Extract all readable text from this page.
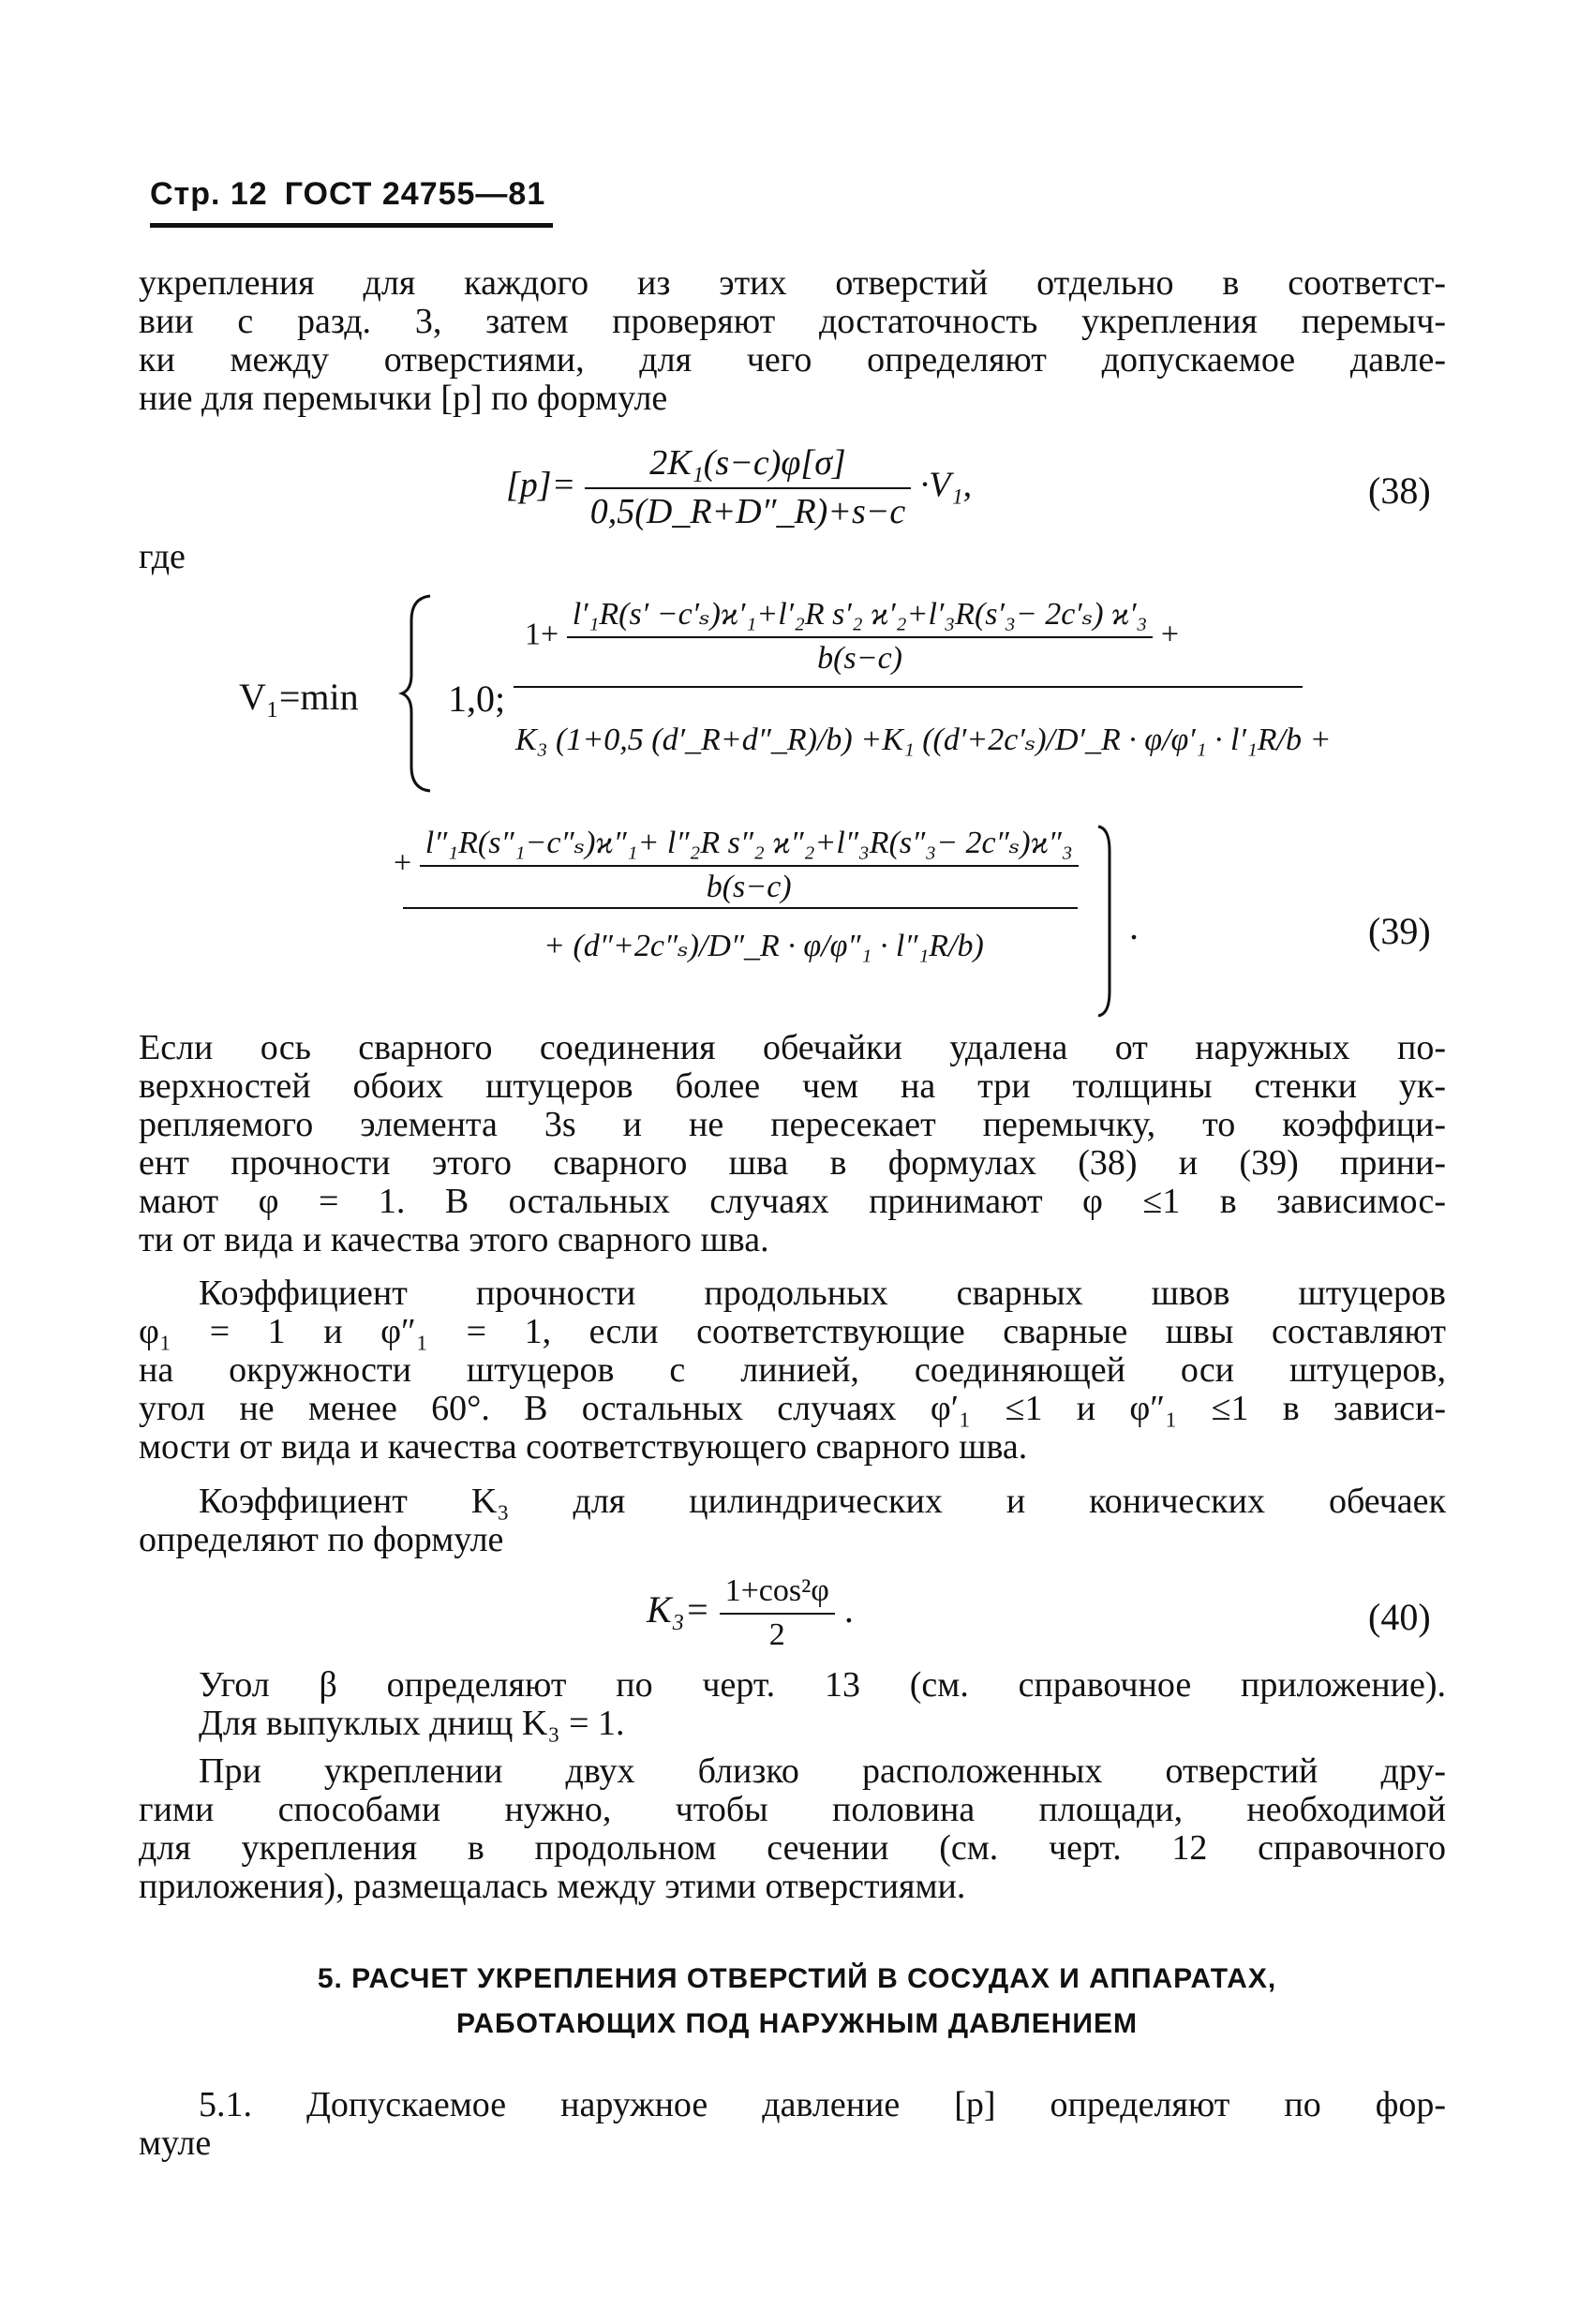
Стр. 12 ГОСТ 24755—81
укрепления для каждого из этих отверстий отдельно в соответст-
вии с разд. 3, затем проверяют достаточность укрепления перемыч-
ки между отверстиями, для чего определяют допускаемое давле-
ние для перемычки [p] по формуле
$[p]= \frac{\text{2K₁(s−c)φ[σ]}}{0,5(D\_R+D''\_R)+s-c} \cdot V_1$,	(38)
где
V₁=min 1,0;
$1+ \frac{\text{l′₁R(s′ −c′ₛ)ϰ′₁+l′₂R s′₂ ϰ′₂+l′₃R(s′₃− 2c′ₛ) ϰ′₃}}{b(s-c)}$ +
K₃ (1+0,5 (d′_R+d″_R)/b) +K₁ ((d′+2c′ₛ)/D′_R · φ/φ′₁ · l′₁R/b +
+ $\frac{\text{l″₁R(s″₁−c″ₛ)ϰ″₁+ l″₂R s″₂ ϰ″₂+l″₃R(s″₃− 2c″ₛ)ϰ″₃}}{b(s-c)}$
+ (d″+2c″ₛ)/D″_R · φ/φ″₁ · l″₁R/b)	.	(39)
Если ось сварного соединения обечайки удалена от наружных по-
верхностей обоих штуцеров более чем на три толщины стенки ук-
репляемого элемента 3s и не пересекает перемычку, то коэффици-
ент прочности этого сварного шва в формулах (38) и (39) прини-
мают φ = 1. В остальных случаях принимают φ ≤1 в зависимос-
ти от вида и качества этого сварного шва.
Коэффициент прочности продольных сварных швов штуцеров
φ₁ = 1 и φ″₁ = 1, если соответствующие сварные швы составляют
на окружности штуцеров с линией, соединяющей оси штуцеров,
угол не менее 60°. В остальных случаях φ′₁ ≤1 и φ″₁ ≤1 в зависи-
мости от вида и качества соответствующего сварного шва.
Коэффициент K₃ для цилиндрических и конических обечаек
определяют по формуле
$K_3= \frac{\text{1+cos²φ}}{2}$ .	(40)
Угол β определяют по черт. 13 (см. справочное приложение).
Для выпуклых днищ K₃ = 1.
При укреплении двух близко расположенных отверстий дру-
гими способами нужно, чтобы половина площади, необходимой
для укрепления в продольном сечении (см. черт. 12 справочного
приложения), размещалась между этими отверстиями.
5. РАСЧЕТ УКРЕПЛЕНИЯ ОТВЕРСТИЙ В СОСУДАХ И АППАРАТАХ,
РАБОТАЮЩИХ ПОД НАРУЖНЫМ ДАВЛЕНИЕМ
5.1. Допускаемое наружное давление [p] определяют по фор-
муле
